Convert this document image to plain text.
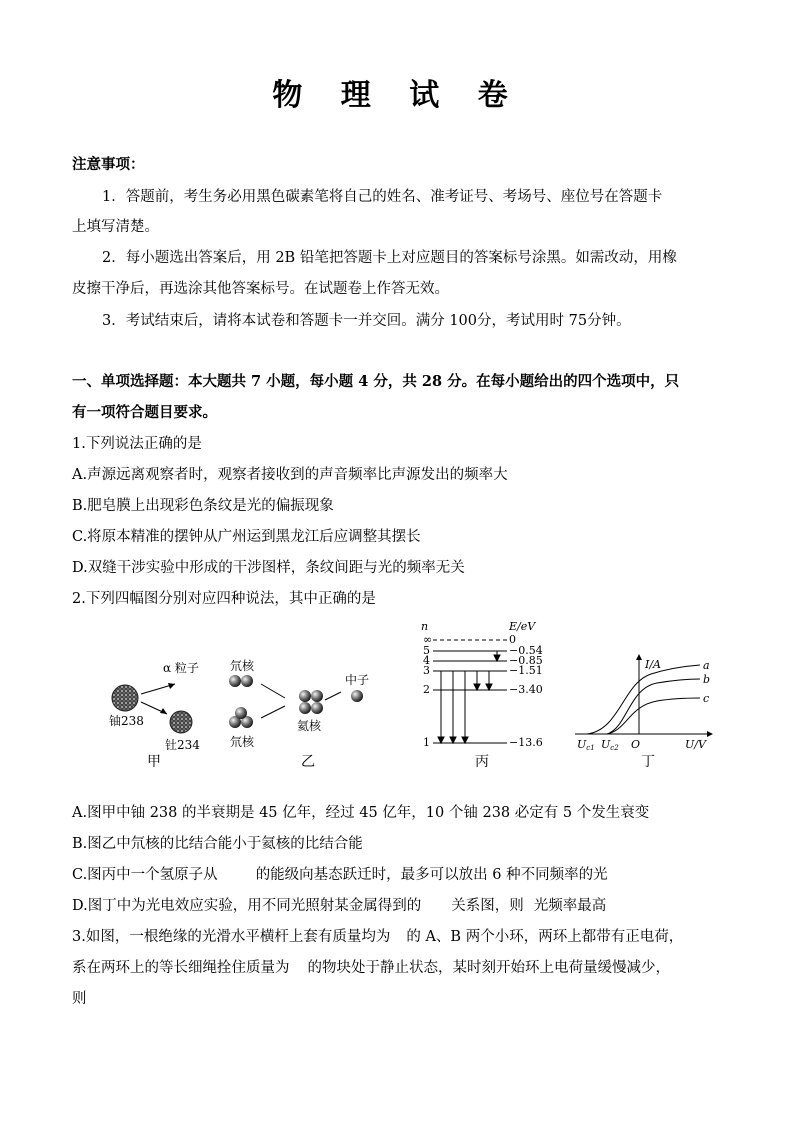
物 理 试 卷
注意事项：
1．答题前，考生务必用黑色碳素笔将自己的姓名、准考证号、考场号、座位号在答题卡
上填写清楚。
2．每小题选出答案后，用 2B 铅笔把答题卡上对应题目的答案标号涂黑。如需改动，用橡
皮擦干净后，再选涂其他答案标号。在试题卷上作答无效。
3．考试结束后，请将本试卷和答题卡一并交回。满分 100分，考试用时 75分钟。
一、单项选择题：本大题共 7 小题，每小题 4 分，共 28 分。在每小题给出的四个选项中，只
有一项符合题目要求。
1.下列说法正确的是
A.声源远离观察者时，观察者接收到的声音频率比声源发出的频率大
B.肥皂膜上出现彩色条纹是光的偏振现象
C.将原本精准的摆钟从广州运到黑龙江后应调整其摆长
D.双缝干涉实验中形成的干涉图样，条纹间距与光的频率无关
2.下列四幅图分别对应四种说法，其中正确的是
α 粒子
铀238
钍234
甲
氘核
氘核
氦核
中子
乙
n	E/eV
∞
5
4
3
2
1
0
−0.54
−0.85
−1.51
−3.40
−13.6
丙
I/A
U/V
O
Uc1 Uc2
a
b
c
丁
A.图甲中铀 238 的半衰期是 45 亿年，经过 45 亿年，10 个铀 238 必定有 5 个发生衰变
B.图乙中氘核的比结合能小于氦核的比结合能
C.图丙中一个氢原子从	的能级向基态跃迁时，最多可以放出 6 种不同频率的光
D.图丁中为光电效应实验，用不同光照射某金属得到的 关系图，则 光频率最高
3.如图，一根绝缘的光滑水平横杆上套有质量均为 的 A、B 两个小环，两环上都带有正电荷，
系在两环上的等长细绳拴住质量为 的物块处于静止状态，某时刻开始环上电荷量缓慢减少，
则
